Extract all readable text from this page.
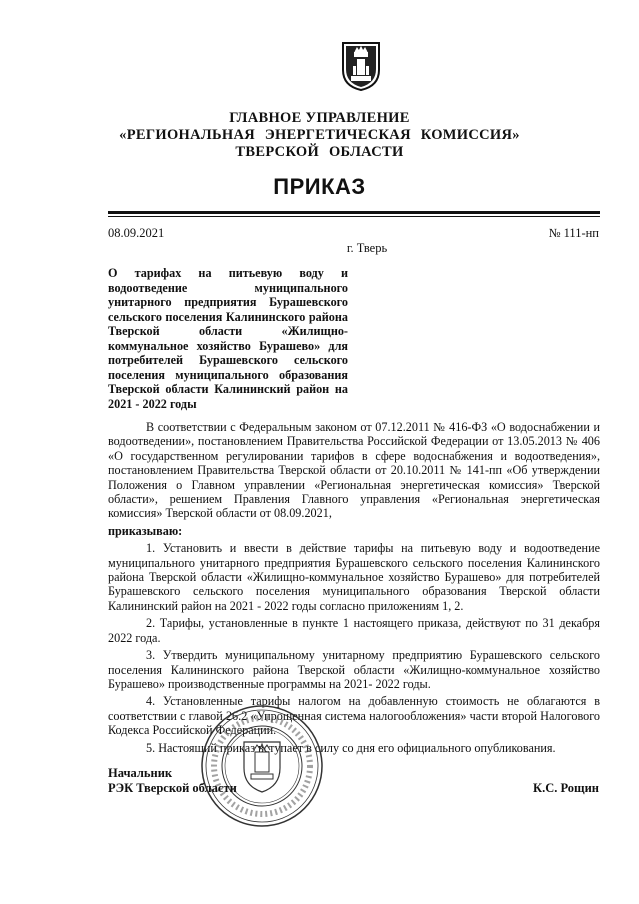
ГЛАВНОЕ УПРАВЛЕНИЕ
«РЕГИОНАЛЬНАЯ ЭНЕРГЕТИЧЕСКАЯ КОМИССИЯ»
ТВЕРСКОЙ ОБЛАСТИ
ПРИКАЗ
08.09.2021	№ 111-нп
г. Тверь
О тарифах на питьевую воду и водоотведение муниципального унитарного предприятия Бурашевского сельского поселения Калининского района Тверской области «Жилищно-коммунальное хозяйство Бурашево» для потребителей Бурашевского сельского поселения муниципального образования Тверской области Калининский район на 2021 - 2022 годы

В соответствии с Федеральным законом от 07.12.2011 № 416-ФЗ «О водоснабжении и водоотведении», постановлением Правительства Российской Федерации от 13.05.2013 № 406 «О государственном регулировании тарифов в сфере водоснабжения и водоотведения», постановлением Правительства Тверской области от 20.10.2011 № 141-пп «Об утверждении Положения о Главном управлении «Региональная энергетическая комиссия» Тверской области», решением Правления Главного управления «Региональная энергетическая комиссия» Тверской области от 08.09.2021,

приказываю:

1. Установить и ввести в действие тарифы на питьевую воду и водоотведение муниципального унитарного предприятия Бурашевского сельского поселения Калининского района Тверской области «Жилищно-коммунальное хозяйство Бурашево» для потребителей Бурашевского сельского поселения муниципального образования Тверской области Калининский район на 2021 - 2022 годы согласно приложениям 1, 2.

2. Тарифы, установленные в пункте 1 настоящего приказа, действуют по 31 декабря 2022 года.

3. Утвердить муниципальному унитарному предприятию Бурашевского сельского поселения Калининского района Тверской области «Жилищно-коммунальное хозяйство Бурашево» производственные программы на 2021- 2022 годы.

4. Установленные тарифы налогом на добавленную стоимость не облагаются в соответствии с главой 26.2 «Упрощенная система налогообложения» части второй Налогового Кодекса Российской Федерации.

5. Настоящий приказ вступает в силу со дня его официального опубликования.

Начальник
РЭК Тверской области	К.С. Рощин
